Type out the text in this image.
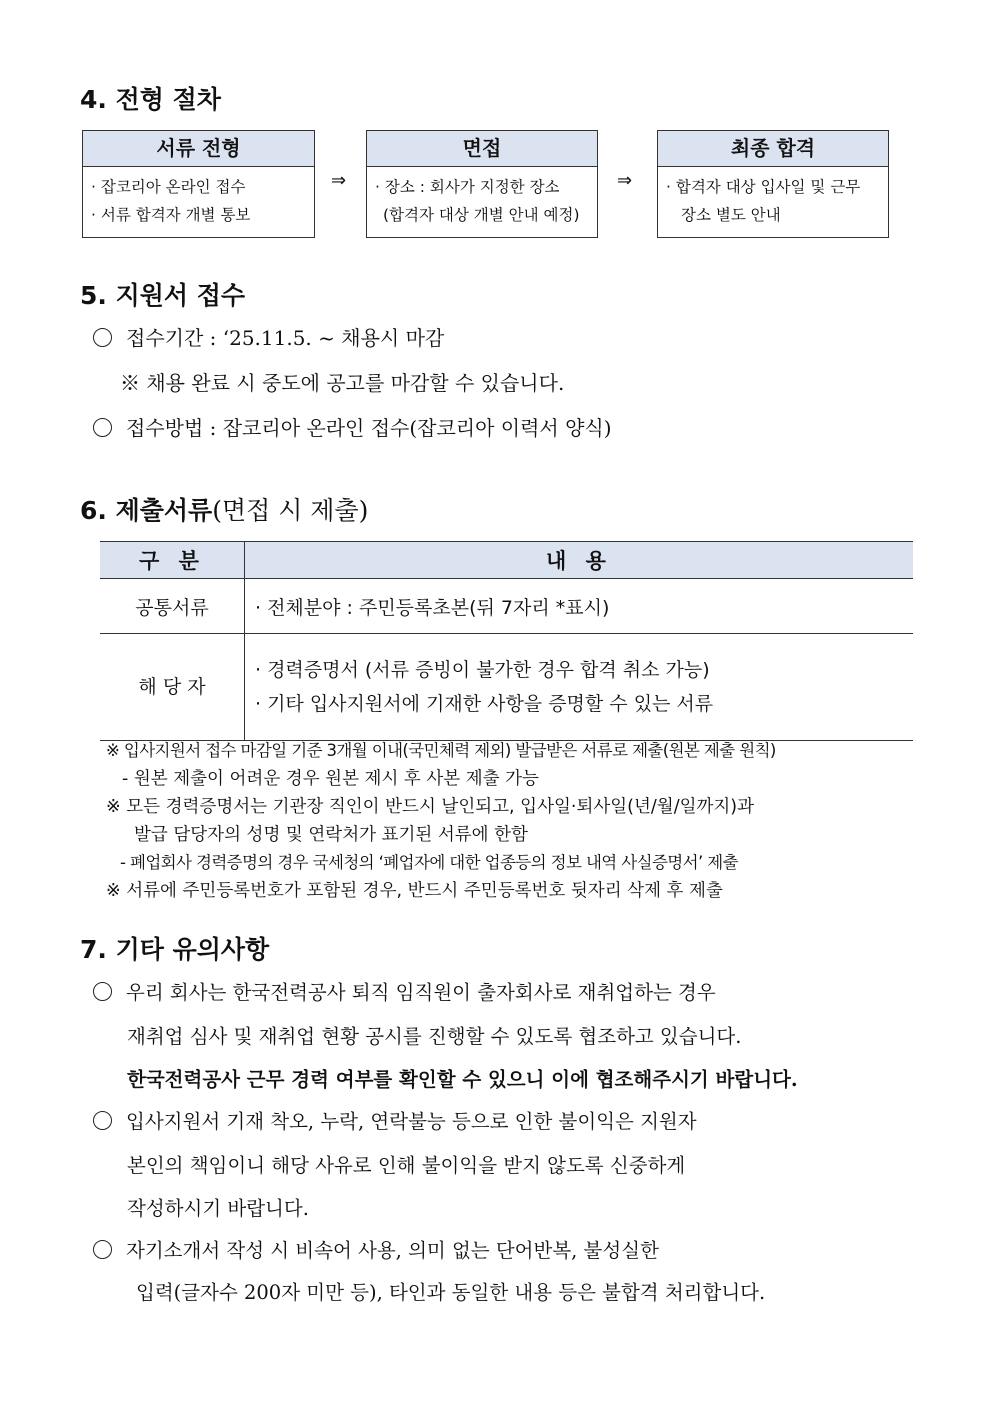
4. 전형 절차
서류 전형
· 잡코리아 온라인 접수
· 서류 합격자 개별 통보
⇒
면접
· 장소 : 회사가 지정한 장소
(합격자 대상 개별 안내 예정)
⇒
최종 합격
· 합격자 대상 입사일 및 근무
장소 별도 안내
5. 지원서 접수
접수기간 : ‘25.11.5. ~ 채용시 마감
※ 채용 완료 시 중도에 공고를 마감할 수 있습니다.
접수방법 : 잡코리아 온라인 접수(잡코리아 이력서 양식)
6. 제출서류(면접 시 제출)
구 분	내 용
공통서류	· 전체분야 : 주민등록초본(뒤 7자리 *표시)

해 당 자	· 경력증명서 (서류 증빙이 불가한 경우 합격 취소 가능)
· 기타 입사지원서에 기재한 사항을 증명할 수 있는 서류
※ 입사지원서 접수 마감일 기준 3개월 이내(국민체력 제외) 발급받은 서류로 제출(원본 제출 원칙)
- 원본 제출이 어려운 경우 원본 제시 후 사본 제출 가능
※ 모든 경력증명서는 기관장 직인이 반드시 날인되고, 입사일·퇴사일(년/월/일까지)과
발급 담당자의 성명 및 연락처가 표기된 서류에 한함
- 폐업회사 경력증명의 경우 국세청의 ‘폐업자에 대한 업종등의 정보 내역 사실증명서’ 제출
※ 서류에 주민등록번호가 포함된 경우, 반드시 주민등록번호 뒷자리 삭제 후 제출
7. 기타 유의사항
우리 회사는 한국전력공사 퇴직 임직원이 출자회사로 재취업하는 경우
재취업 심사 및 재취업 현황 공시를 진행할 수 있도록 협조하고 있습니다.
한국전력공사 근무 경력 여부를 확인할 수 있으니 이에 협조해주시기 바랍니다.
입사지원서 기재 착오, 누락, 연락불능 등으로 인한 불이익은 지원자
본인의 책임이니 해당 사유로 인해 불이익을 받지 않도록 신중하게
작성하시기 바랍니다.
자기소개서 작성 시 비속어 사용, 의미 없는 단어반복, 불성실한
입력(글자수 200자 미만 등), 타인과 동일한 내용 등은 불합격 처리합니다.
